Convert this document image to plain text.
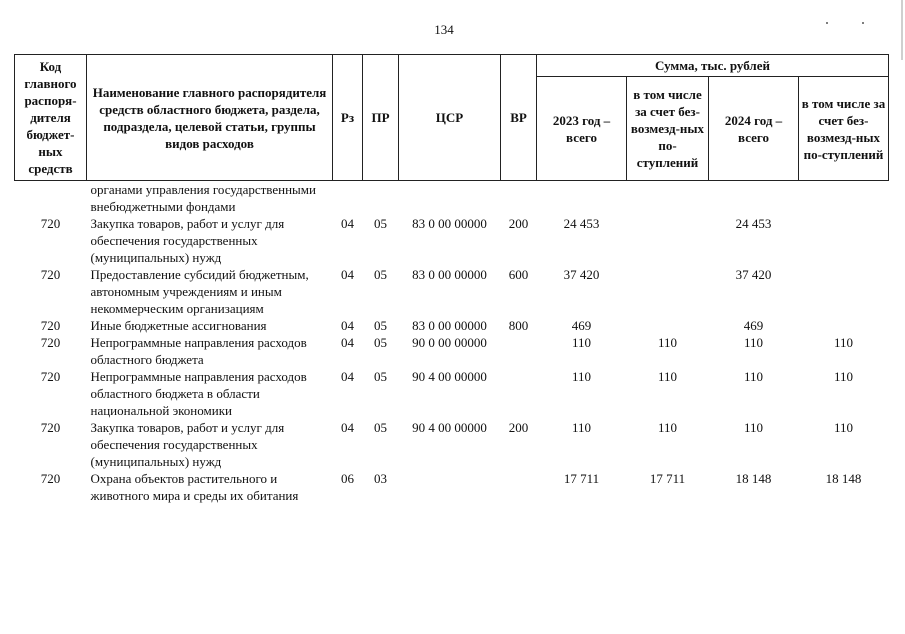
134
Код главного распоря-дителя бюджет-ных средств	Наименование главного распорядителя средств областного бюджета, раздела, подраздела, целевой статьи, группы видов расходов	Рз	ПР	ЦСР	ВР	Сумма, тыс. рублей			
						2023 год – всего	в том числе за счет без-возмезд-ных по-ступлений	2024 год – всего	в том числе за счет без-возмезд-ных по-ступлений
	органами управления государственными внебюджетными фондами								
720	Закупка товаров, работ и услуг для обеспечения государственных (муниципальных) нужд	04	05	83 0 00 00000	200	24 453		24 453	
720	Предоставление субсидий бюджетным, автономным учреждениям и иным некоммерческим организациям	04	05	83 0 00 00000	600	37 420		37 420	
720	Иные бюджетные ассигнования	04	05	83 0 00 00000	800	469		469	
720	Непрограммные направления расходов областного бюджета	04	05	90 0 00 00000		110	110	110	110
720	Непрограммные направления расходов областного бюджета в области национальной экономики	04	05	90 4 00 00000		110	110	110	110
720	Закупка товаров, работ и услуг для обеспечения государственных (муниципальных) нужд	04	05	90 4 00 00000	200	110	110	110	110
720	Охрана объектов растительного и животного мира и среды их обитания	06	03			17 711	17 711	18 148	18 148
